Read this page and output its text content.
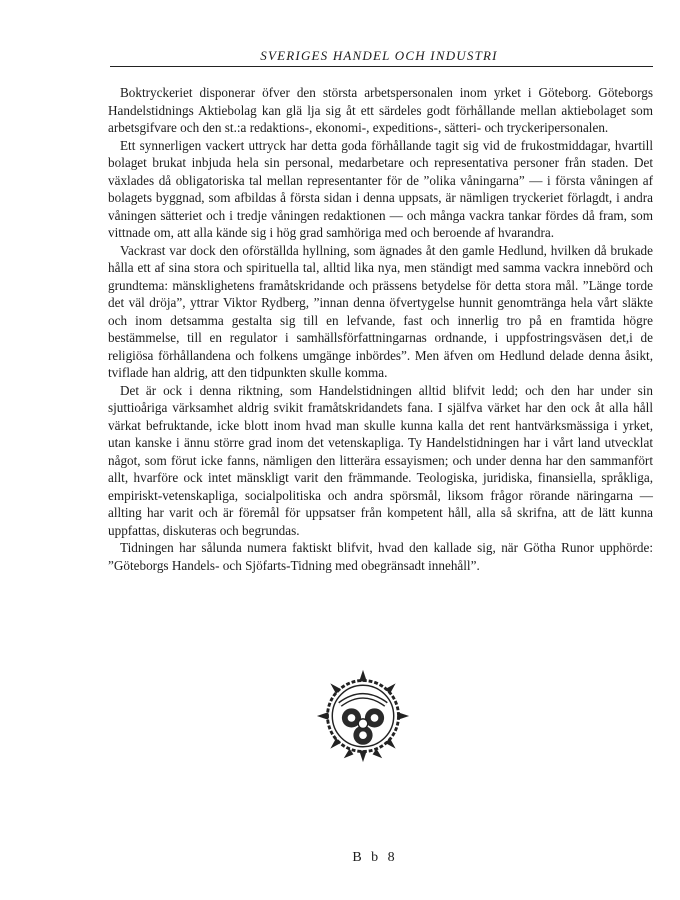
SVERIGES HANDEL OCH INDUSTRI

Boktryckeriet disponerar öfver den största arbetspersonalen inom yrket i Göteborg. Göteborgs Handelstidnings Aktiebolag kan glä lja sig åt ett särdeles godt förhållande mellan aktiebolaget som arbetsgifvare och den st.:a redaktions-, ekonomi-, expeditions-, sätteri- och tryckeripersonalen.

Ett synnerligen vackert uttryck har detta goda förhållande tagit sig vid de frukostmiddagar, hvartill bolaget brukat inbjuda hela sin personal, medarbetare och representativa personer från staden. Det växlades då obligatoriska tal mellan representanter för de ”olika våningarna” — i första våningen af bolagets byggnad, som afbildas å första sidan i denna uppsats, är nämligen tryckeriet förlagdt, i andra våningen sätteriet och i tredje våningen redaktionen — och många vackra tankar fördes då fram, som vittnade om, att alla kände sig i hög grad samhöriga med och beroende af hvarandra.

Vackrast var dock den oförställda hyllning, som ägnades åt den gamle Hedlund, hvilken då brukade hålla ett af sina stora och spirituella tal, alltid lika nya, men ständigt med samma vackra innebörd och grundtema: mänsklighetens framåtskridande och prässens betydelse för detta stora mål. ”Länge torde det väl dröja”, yttrar Viktor Rydberg, ”innan denna öfvertygelse hunnit genomtränga hela vårt släkte och inom detsamma gestalta sig till en lefvande, fast och innerlig tro på en framtida högre bestämmelse, till en regulator i samhällsförfattningarnas ordnande, i uppfostringsväsen det,i de religiösa förhållandena och folkens umgänge inbördes”. Men äfven om Hedlund delade denna åsikt, tviflade han aldrig, att den tidpunkten skulle komma.

Det är ock i denna riktning, som Handelstidningen alltid blifvit ledd; och den har under sin sjuttioåriga värksamhet aldrig svikit framåtskridandets fana. I själfva värket har den ock åt alla håll värkat befruktande, icke blott inom hvad man skulle kunna kalla det rent hantvärksmässiga i yrket, utan kanske i ännu större grad inom det vetenskapliga. Ty Handelstidningen har i vårt land utvecklat något, som förut icke fanns, nämligen den litterära essayismen; och under denna har den sammanfört allt, hvarföre ock intet mänskligt varit den främmande. Teologiska, juridiska, finansiella, språkliga, empiriskt-vetenskapliga, socialpolitiska och andra spörsmål, liksom frågor rörande näringarna — allting har varit och är föremål för uppsatser från kompetent håll, alla så skrifna, att de lätt kunna uppfattas, diskuteras och begrundas.

Tidningen har sålunda numera faktiskt blifvit, hvad den kallade sig, när Götha Runor upphörde: ”Göteborgs Handels- och Sjöfarts-Tidning med obegränsadt innehåll”.

B b 8
